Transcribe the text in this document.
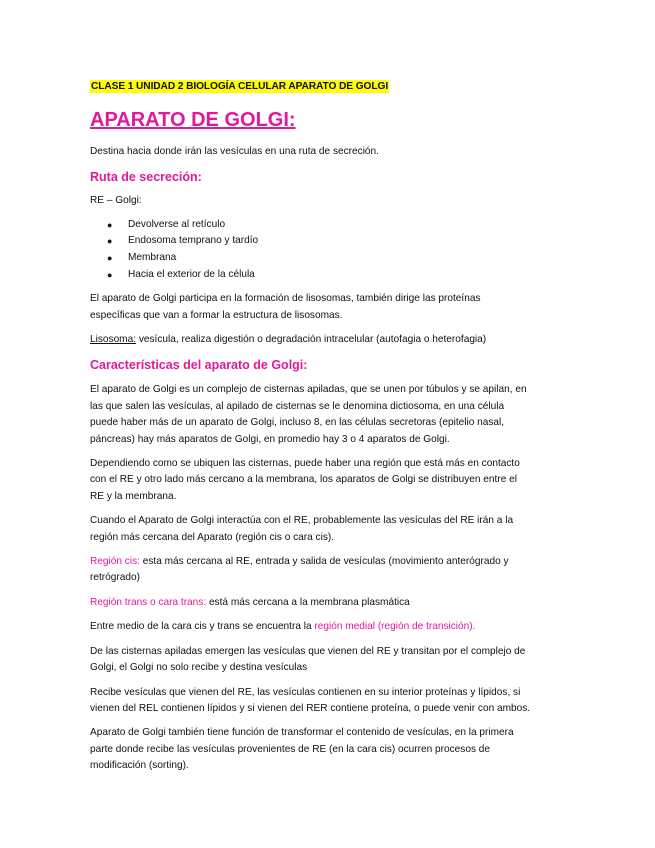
CLASE 1 UNIDAD 2 BIOLOGÍA CELULAR APARATO DE GOLGI
APARATO DE GOLGI:

Destina hacia donde irán las vesículas en una ruta de secreción.

Ruta de secreción:

RE – Golgi:

● Devolverse al retículo
● Endosoma temprano y tardío
● Membrana
● Hacia el exterior de la célula

El aparato de Golgi participa en la formación de lisosomas, también dirige las proteínas
específicas que van a formar la estructura de lisosomas.

Lisosoma: vesícula, realiza digestión o degradación intracelular (autofagia o heterofagia)

Características del aparato de Golgi:

El aparato de Golgi es un complejo de cisternas apiladas, que se unen por túbulos y se apilan, en
las que salen las vesículas, al apilado de cisternas se le denomina dictiosoma, en una célula
puede haber más de un aparato de Golgi, incluso 8, en las células secretoras (epitelio nasal,
páncreas) hay más aparatos de Golgi, en promedio hay 3 o 4 aparatos de Golgi.

Dependiendo como se ubiquen las cisternas, puede haber una región que está más en contacto
con el RE y otro lado más cercano a la membrana, los aparatos de Golgi se distribuyen entre el
RE y la membrana.

Cuando el Aparato de Golgi interactúa con el RE, probablemente las vesículas del RE irán a la
región más cercana del Aparato (región cis o cara cis).

Región cis: esta más cercana al RE, entrada y salida de vesículas (movimiento anterógrado y
retrógrado)

Región trans o cara trans: está más cercana a la membrana plasmática

Entre medio de la cara cis y trans se encuentra la región medial (región de transición).

De las cisternas apiladas emergen las vesículas que vienen del RE y transitan por el complejo de
Golgi, el Golgi no solo recibe y destina vesículas

Recibe vesículas que vienen del RE, las vesículas contienen en su interior proteínas y lípidos, si
vienen del REL contienen lípidos y si vienen del RER contiene proteína, o puede venir con ambos.

Aparato de Golgi también tiene función de transformar el contenido de vesículas, en la primera
parte donde recibe las vesículas provenientes de RE (en la cara cis) ocurren procesos de
modificación (sorting).
